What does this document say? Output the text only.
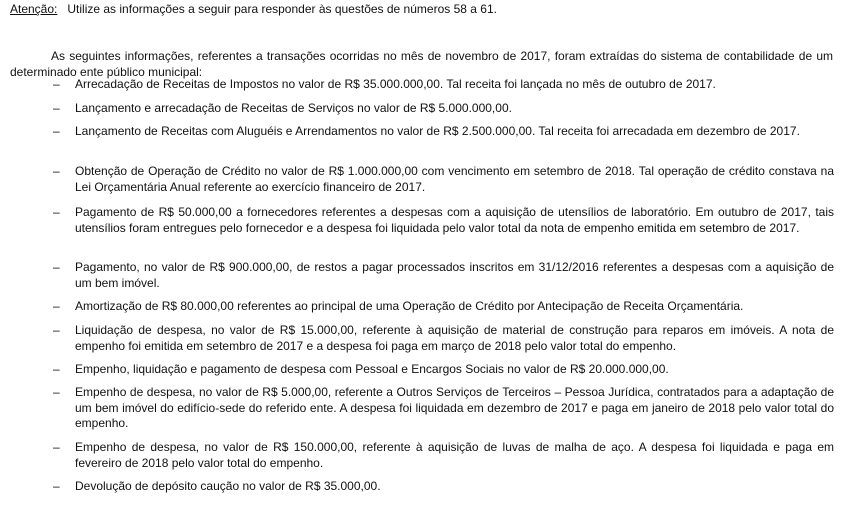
Atenção: Utilize as informações a seguir para responder às questões de números 58 a 61.

As seguintes informações, referentes a transações ocorridas no mês de novembro de 2017, foram extraídas do sistema de contabilidade de um determinado ente público municipal:

– Arrecadação de Receitas de Impostos no valor de R$ 35.000.000,00. Tal receita foi lançada no mês de outubro de 2017.
– Lançamento e arrecadação de Receitas de Serviços no valor de R$ 5.000.000,00.
– Lançamento de Receitas com Aluguéis e Arrendamentos no valor de R$ 2.500.000,00. Tal receita foi arrecadada em dezembro de 2017.
– Obtenção de Operação de Crédito no valor de R$ 1.000.000,00 com vencimento em setembro de 2018. Tal operação de crédito constava na Lei Orçamentária Anual referente ao exercício financeiro de 2017.
– Pagamento de R$ 50.000,00 a fornecedores referentes a despesas com a aquisição de utensílios de laboratório. Em outubro de 2017, tais utensílios foram entregues pelo fornecedor e a despesa foi liquidada pelo valor total da nota de empenho emitida em setembro de 2017.
– Pagamento, no valor de R$ 900.000,00, de restos a pagar processados inscritos em 31/12/2016 referentes a despesas com a aquisição de um bem imóvel.
– Amortização de R$ 80.000,00 referentes ao principal de uma Operação de Crédito por Antecipação de Receita Orçamentária.
– Liquidação de despesa, no valor de R$ 15.000,00, referente à aquisição de material de construção para reparos em imóveis. A nota de empenho foi emitida em setembro de 2017 e a despesa foi paga em março de 2018 pelo valor total do empenho.
– Empenho, liquidação e pagamento de despesa com Pessoal e Encargos Sociais no valor de R$ 20.000.000,00.
– Empenho de despesa, no valor de R$ 5.000,00, referente a Outros Serviços de Terceiros – Pessoa Jurídica, contratados para a adaptação de um bem imóvel do edifício-sede do referido ente. A despesa foi liquidada em dezembro de 2017 e paga em janeiro de 2018 pelo valor total do empenho.
– Empenho de despesa, no valor de R$ 150.000,00, referente à aquisição de luvas de malha de aço. A despesa foi liquidada e paga em fevereiro de 2018 pelo valor total do empenho.
– Devolução de depósito caução no valor de R$ 35.000,00.
